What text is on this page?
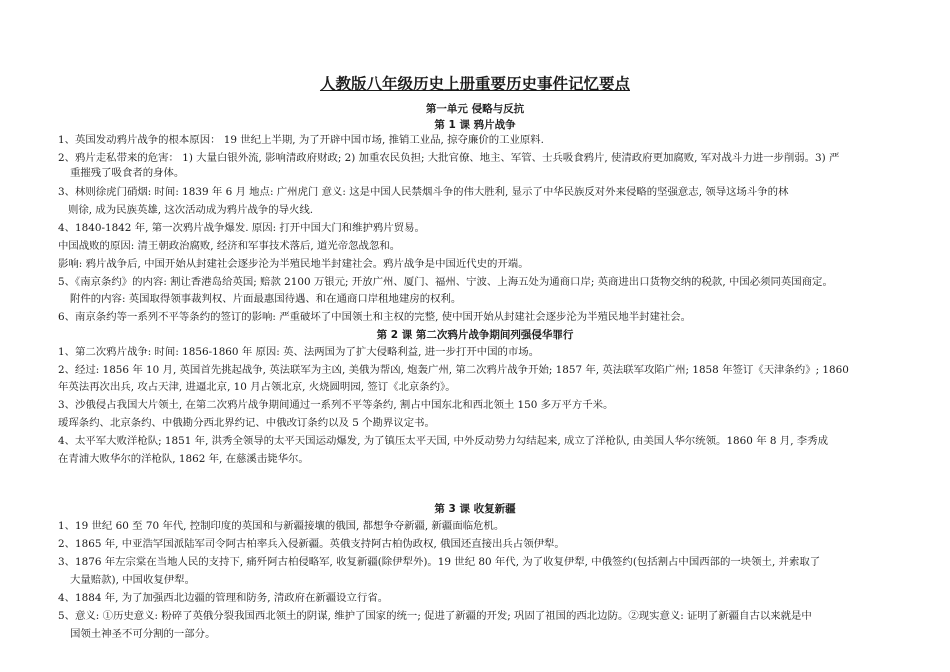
人教版八年级历史上册重要历史事件记忆要点
第一单元 侵略与反抗
第 1 课 鸦片战争
1、英国发动鸦片战争的根本原因： 19 世纪上半期, 为了开辟中国市场, 推销工业品, 掠夺廉价的工业原料.
2、鸦片走私带来的危害： 1) 大量白银外流, 影响清政府财政; 2) 加重农民负担; 大批官僚、地主、军管、士兵吸食鸦片, 使清政府更加腐败, 军对战斗力进一步削弱。3) 严
重摧残了吸食者的身体。
3、林则徐虎门硝烟: 时间: 1839 年 6 月 地点: 广州虎门 意义: 这是中国人民禁烟斗争的伟大胜利, 显示了中华民族反对外来侵略的坚强意志, 领导这场斗争的林
则徐, 成为民族英雄, 这次活动成为鸦片战争的导火线.
4、1840-1842 年, 第一次鸦片战争爆发. 原因: 打开中国大门和维护鸦片贸易。
中国战败的原因: 清王朝政治腐败, 经济和军事技术落后, 道光帝忽战忽和。
影响: 鸦片战争后, 中国开始从封建社会逐步沦为半殖民地半封建社会。鸦片战争是中国近代史的开端。
5、《南京条约》的内容: 割让香港岛给英国; 赔款 2100 万银元; 开放广州、厦门、福州、宁波、上海五处为通商口岸; 英商进出口货物交纳的税款, 中国必须同英国商定。
附件的内容: 英国取得领事裁判权、片面最惠国待遇、和在通商口岸租地建房的权利。
6、南京条约等一系列不平等条约的签订的影响: 严重破坏了中国领土和主权的完整, 使中国开始从封建社会逐步沦为半殖民地半封建社会。
第 2 课 第二次鸦片战争期间列强侵华罪行
1、第二次鸦片战争: 时间: 1856-1860 年 原因: 英、法两国为了扩大侵略利益, 进一步打开中国的市场。
2、经过: 1856 年 10 月, 英国首先挑起战争, 英法联军为主凶, 美俄为帮凶, 炮轰广州, 第二次鸦片战争开始; 1857 年, 英法联军攻陷广州; 1858 年签订《天津条约》; 1860
年英法再次出兵, 攻占天津, 进逼北京, 10 月占领北京, 火烧圆明园, 签订《北京条约》。
3、沙俄侵占我国大片领土, 在第二次鸦片战争期间通过一系列不平等条约, 割占中国东北和西北领土 150 多万平方千米。
瑷珲条约、北京条约、中俄勘分西北界约记、中俄改订条约以及 5 个勘界议定书。
4、太平军大败洋枪队; 1851 年, 洪秀全领导的太平天国运动爆发, 为了镇压太平天国, 中外反动势力勾结起来, 成立了洋枪队, 由美国人华尔统领。1860 年 8 月, 李秀成
在青浦大败华尔的洋枪队, 1862 年, 在慈溪击毙华尔。
第 3 课 收复新疆
1、19 世纪 60 至 70 年代, 控制印度的英国和与新疆接壤的俄国, 都想争夺新疆, 新疆面临危机。
2、1865 年, 中亚浩罕国派陆军司令阿古柏率兵入侵新疆。英俄支持阿古柏伪政权, 俄国还直接出兵占领伊犁。
3、1876 年左宗棠在当地人民的支持下, 痛歼阿古柏侵略军, 收复新疆(除伊犁外)。19 世纪 80 年代, 为了收复伊犁, 中俄签约(包括割占中国西部的一块领土, 并索取了
大量赔款), 中国收复伊犁。
4、1884 年, 为了加强西北边疆的管理和防务, 清政府在新疆设立行省。
5、意义: ①历史意义: 粉碎了英俄分裂我国西北领土的阴谋, 维护了国家的统一; 促进了新疆的开发; 巩固了祖国的西北边防。②现实意义: 证明了新疆自古以来就是中
国领土神圣不可分割的一部分。
